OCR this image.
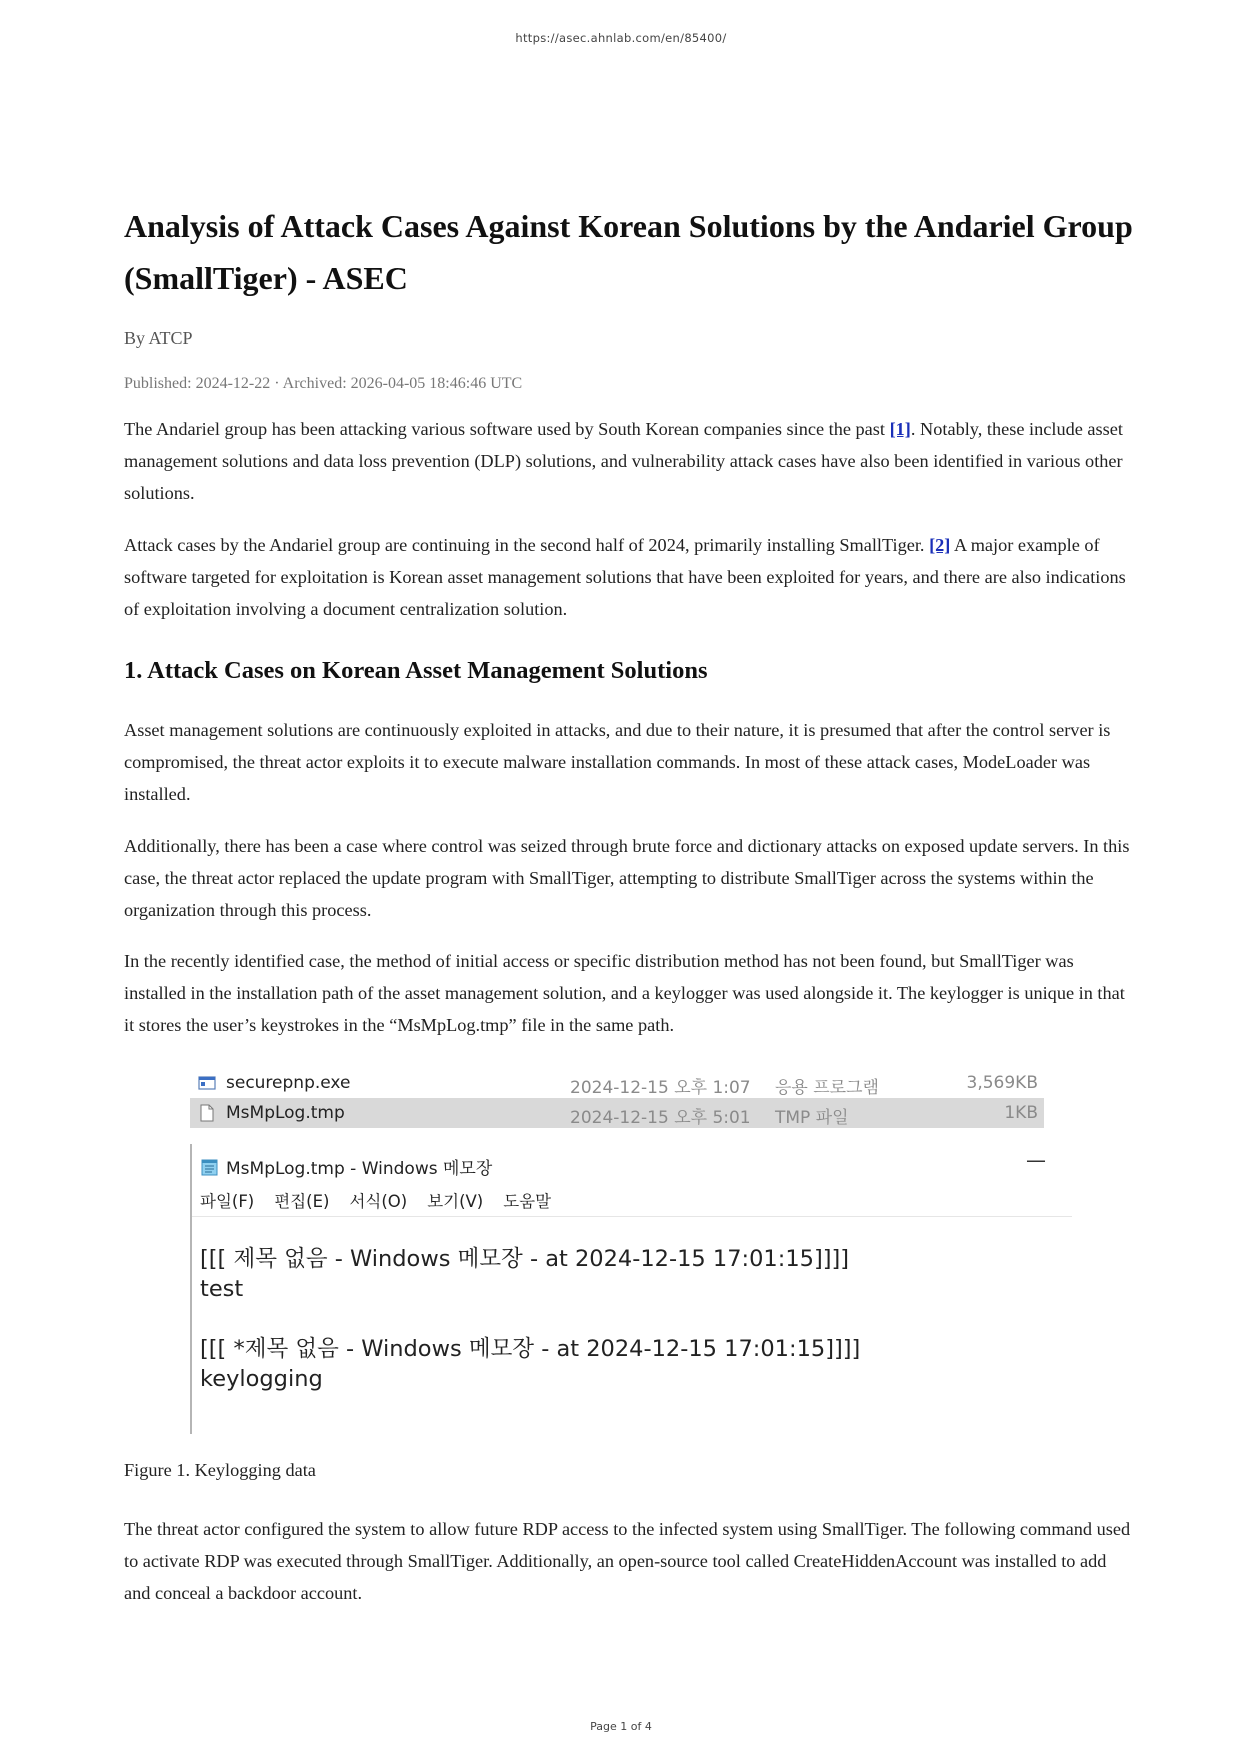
https://asec.ahnlab.com/en/85400/
Analysis of Attack Cases Against Korean Solutions by the Andariel Group (SmallTiger) - ASEC
By ATCP
Published: 2024-12-22 · Archived: 2026-04-05 18:46:46 UTC

The Andariel group has been attacking various software used by South Korean companies since the past [1]. Notably, these include asset management solutions and data loss prevention (DLP) solutions, and vulnerability attack cases have also been identified in various other solutions.

Attack cases by the Andariel group are continuing in the second half of 2024, primarily installing SmallTiger. [2] A major example of software targeted for exploitation is Korean asset management solutions that have been exploited for years, and there are also indications of exploitation involving a document centralization solution.

1. Attack Cases on Korean Asset Management Solutions

Asset management solutions are continuously exploited in attacks, and due to their nature, it is presumed that after the control server is compromised, the threat actor exploits it to execute malware installation commands. In most of these attack cases, ModeLoader was installed.

Additionally, there has been a case where control was seized through brute force and dictionary attacks on exposed update servers. In this case, the threat actor replaced the update program with SmallTiger, attempting to distribute SmallTiger across the systems within the organization through this process.

In the recently identified case, the method of initial access or specific distribution method has not been found, but SmallTiger was installed in the installation path of the asset management solution, and a keylogger was used alongside it. The keylogger is unique in that it stores the user’s keystrokes in the “MsMpLog.tmp” file in the same path.

securepnp.exe	2024-12-15 오후 1:07 응용 프로그램	3,569KB
MsMpLog.tmp	2024-12-15 오후 5:01 TMP 파일	1KB
MsMpLog.tmp - Windows 메모장	—
파일(F) 편집(E) 서식(O) 보기(V) 도움말
[[[ 제목 없음 - Windows 메모장 - at 2024-12-15 17:01:15]]]]
test

[[[ *제목 없음 - Windows 메모장 - at 2024-12-15 17:01:15]]]]
keylogging
Figure 1. Keylogging data

The threat actor configured the system to allow future RDP access to the infected system using SmallTiger. The following command used to activate RDP was executed through SmallTiger. Additionally, an open-source tool called CreateHiddenAccount was installed to add and conceal a backdoor account.

Page 1 of 4
